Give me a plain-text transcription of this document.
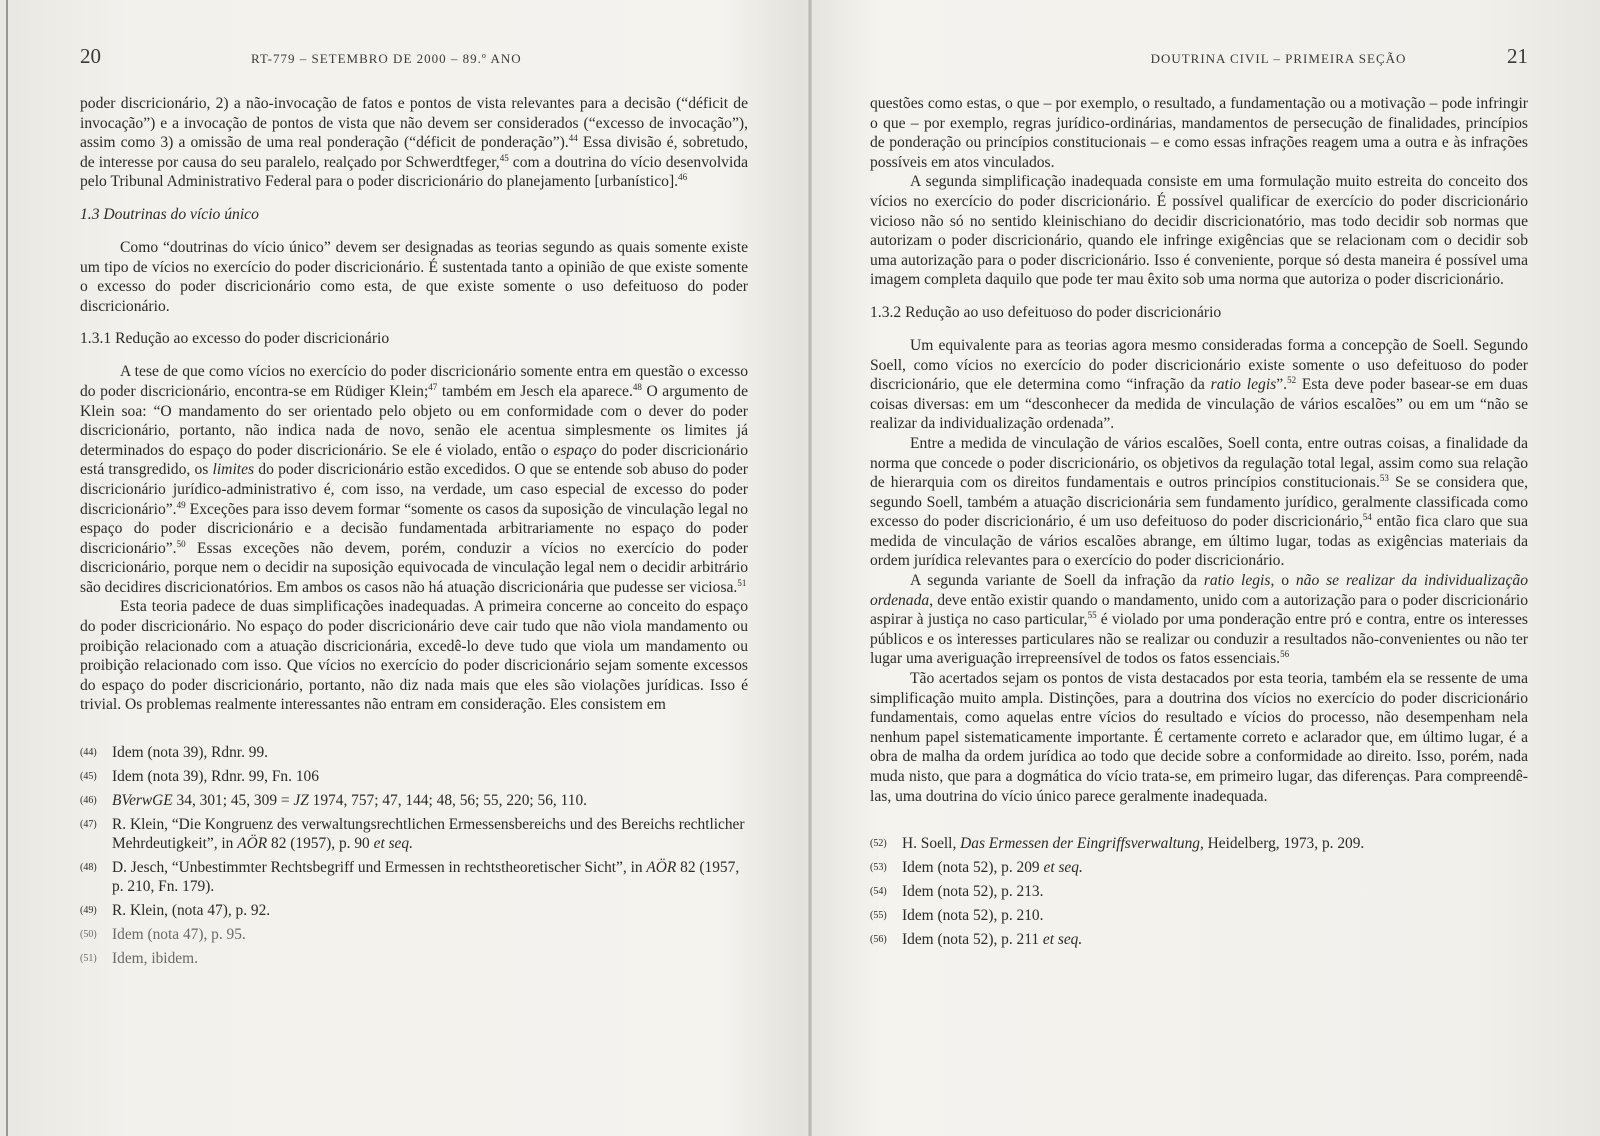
20	RT-779 – SETEMBRO DE 2000 – 89.º ANO

poder discricionário, 2) a não-invocação de fatos e pontos de vista relevantes para a decisão (“déficit de invocação”) e a invocação de pontos de vista que não devem ser considerados (“excesso de invocação”), assim como 3) a omissão de uma real ponderação (“déficit de ponderação”).$^{44}$ Essa divisão é, sobretudo, de interesse por causa do seu paralelo, realçado por Schwerdtfeger,$^{45}$ com a doutrina do vício desenvolvida pelo Tribunal Administrativo Federal para o poder discricionário do planejamento [urbanístico].$^{46}$

1.3 Doutrinas do vício único

Como “doutrinas do vício único” devem ser designadas as teorias segundo as quais somente existe um tipo de vícios no exercício do poder discricionário. É sustentada tanto a opinião de que existe somente o excesso do poder discricionário como esta, de que existe somente o uso defeituoso do poder discricionário.

1.3.1 Redução ao excesso do poder discricionário

A tese de que como vícios no exercício do poder discricionário somente entra em questão o excesso do poder discricionário, encontra-se em Rüdiger Klein;$^{47}$ também em Jesch ela aparece.$^{48}$ O argumento de Klein soa: “O mandamento do ser orientado pelo objeto ou em conformidade com o dever do poder discricionário, portanto, não indica nada de novo, senão ele acentua simplesmente os limites já determinados do espaço do poder discricionário. Se ele é violado, então o espaço do poder discricionário está transgredido, os limites do poder discricionário estão excedidos. O que se entende sob abuso do poder discricionário jurídico-administrativo é, com isso, na verdade, um caso especial de excesso do poder discricionário”.$^{49}$ Exceções para isso devem formar “somente os casos da suposição de vinculação legal no espaço do poder discricionário e a decisão fundamentada arbitrariamente no espaço do poder discricionário”.$^{50}$ Essas exceções não devem, porém, conduzir a vícios no exercício do poder discricionário, porque nem o decidir na suposição equivocada de vinculação legal nem o decidir arbitrário são decidires discricionatórios. Em ambos os casos não há atuação discricionária que pudesse ser viciosa.$^{51}$

Esta teoria padece de duas simplificações inadequadas. A primeira concerne ao conceito do espaço do poder discricionário. No espaço do poder discricionário deve cair tudo que não viola mandamento ou proibição relacionado com a atuação discricionária, excedê-lo deve tudo que viola um mandamento ou proibição relacionado com isso. Que vícios no exercício do poder discricionário sejam somente excessos do espaço do poder discricionário, portanto, não diz nada mais que eles são violações jurídicas. Isso é trivial. Os problemas realmente interessantes não entram em consideração. Eles consistem em

(44) Idem (nota 39), Rdnr. 99.
(45) Idem (nota 39), Rdnr. 99, Fn. 106
(46) BVerwGE 34, 301; 45, 309 = JZ 1974, 757; 47, 144; 48, 56; 55, 220; 56, 110.
(47) R. Klein, “Die Kongruenz des verwaltungsrechtlichen Ermessensbereichs und des Bereichs rechtlicher Mehrdeutigkeit”, in AÖR 82 (1957), p. 90 et seq.
(48) D. Jesch, “Unbestimmter Rechtsbegriff und Ermessen in rechtstheoretischer Sicht”, in AÖR 82 (1957, p. 210, Fn. 179).
(49) R. Klein, (nota 47), p. 92.
(50) Idem (nota 47), p. 95.
(51) Idem, ibidem.
DOUTRINA CIVIL – PRIMEIRA SEÇÃO	21

questões como estas, o que – por exemplo, o resultado, a fundamentação ou a motivação – pode infringir o que – por exemplo, regras jurídico-ordinárias, mandamentos de persecução de finalidades, princípios de ponderação ou princípios constitucionais – e como essas infrações reagem uma a outra e às infrações possíveis em atos vinculados.

A segunda simplificação inadequada consiste em uma formulação muito estreita do conceito dos vícios no exercício do poder discricionário. É possível qualificar de exercício do poder discricionário vicioso não só no sentido kleinischiano do decidir discricionatório, mas todo decidir sob normas que autorizam o poder discricionário, quando ele infringe exigências que se relacionam com o decidir sob uma autorização para o poder discricionário. Isso é conveniente, porque só desta maneira é possível uma imagem completa daquilo que pode ter mau êxito sob uma norma que autoriza o poder discricionário.

1.3.2 Redução ao uso defeituoso do poder discricionário

Um equivalente para as teorias agora mesmo consideradas forma a concepção de Soell. Segundo Soell, como vícios no exercício do poder discricionário existe somente o uso defeituoso do poder discricionário, que ele determina como “infração da ratio legis”.$^{52}$ Esta deve poder basear-se em duas coisas diversas: em um “desconhecer da medida de vinculação de vários escalões” ou em um “não se realizar da individualização ordenada”.

Entre a medida de vinculação de vários escalões, Soell conta, entre outras coisas, a finalidade da norma que concede o poder discricionário, os objetivos da regulação total legal, assim como sua relação de hierarquia com os direitos fundamentais e outros princípios constitucionais.$^{53}$ Se se considera que, segundo Soell, também a atuação discricionária sem fundamento jurídico, geralmente classificada como excesso do poder discricionário, é um uso defeituoso do poder discricionário,$^{54}$ então fica claro que sua medida de vinculação de vários escalões abrange, em último lugar, todas as exigências materiais da ordem jurídica relevantes para o exercício do poder discricionário.

A segunda variante de Soell da infração da ratio legis, o não se realizar da individualização ordenada, deve então existir quando o mandamento, unido com a autorização para o poder discricionário aspirar à justiça no caso particular,$^{55}$ é violado por uma ponderação entre pró e contra, entre os interesses públicos e os interesses particulares não se realizar ou conduzir a resultados não-convenientes ou não ter lugar uma averiguação irrepreensível de todos os fatos essenciais.$^{56}$

Tão acertados sejam os pontos de vista destacados por esta teoria, também ela se ressente de uma simplificação muito ampla. Distinções, para a doutrina dos vícios no exercício do poder discricionário fundamentais, como aquelas entre vícios do resultado e vícios do processo, não desempenham nela nenhum papel sistematicamente importante. É certamente correto e aclarador que, em último lugar, é a obra de malha da ordem jurídica ao todo que decide sobre a conformidade ao direito. Isso, porém, nada muda nisto, que para a dogmática do vício trata-se, em primeiro lugar, das diferenças. Para compreendê-las, uma doutrina do vício único parece geralmente inadequada.

(52) H. Soell, Das Ermessen der Eingriffsverwaltung, Heidelberg, 1973, p. 209.
(53) Idem (nota 52), p. 209 et seq.
(54) Idem (nota 52), p. 213.
(55) Idem (nota 52), p. 210.
(56) Idem (nota 52), p. 211 et seq.
